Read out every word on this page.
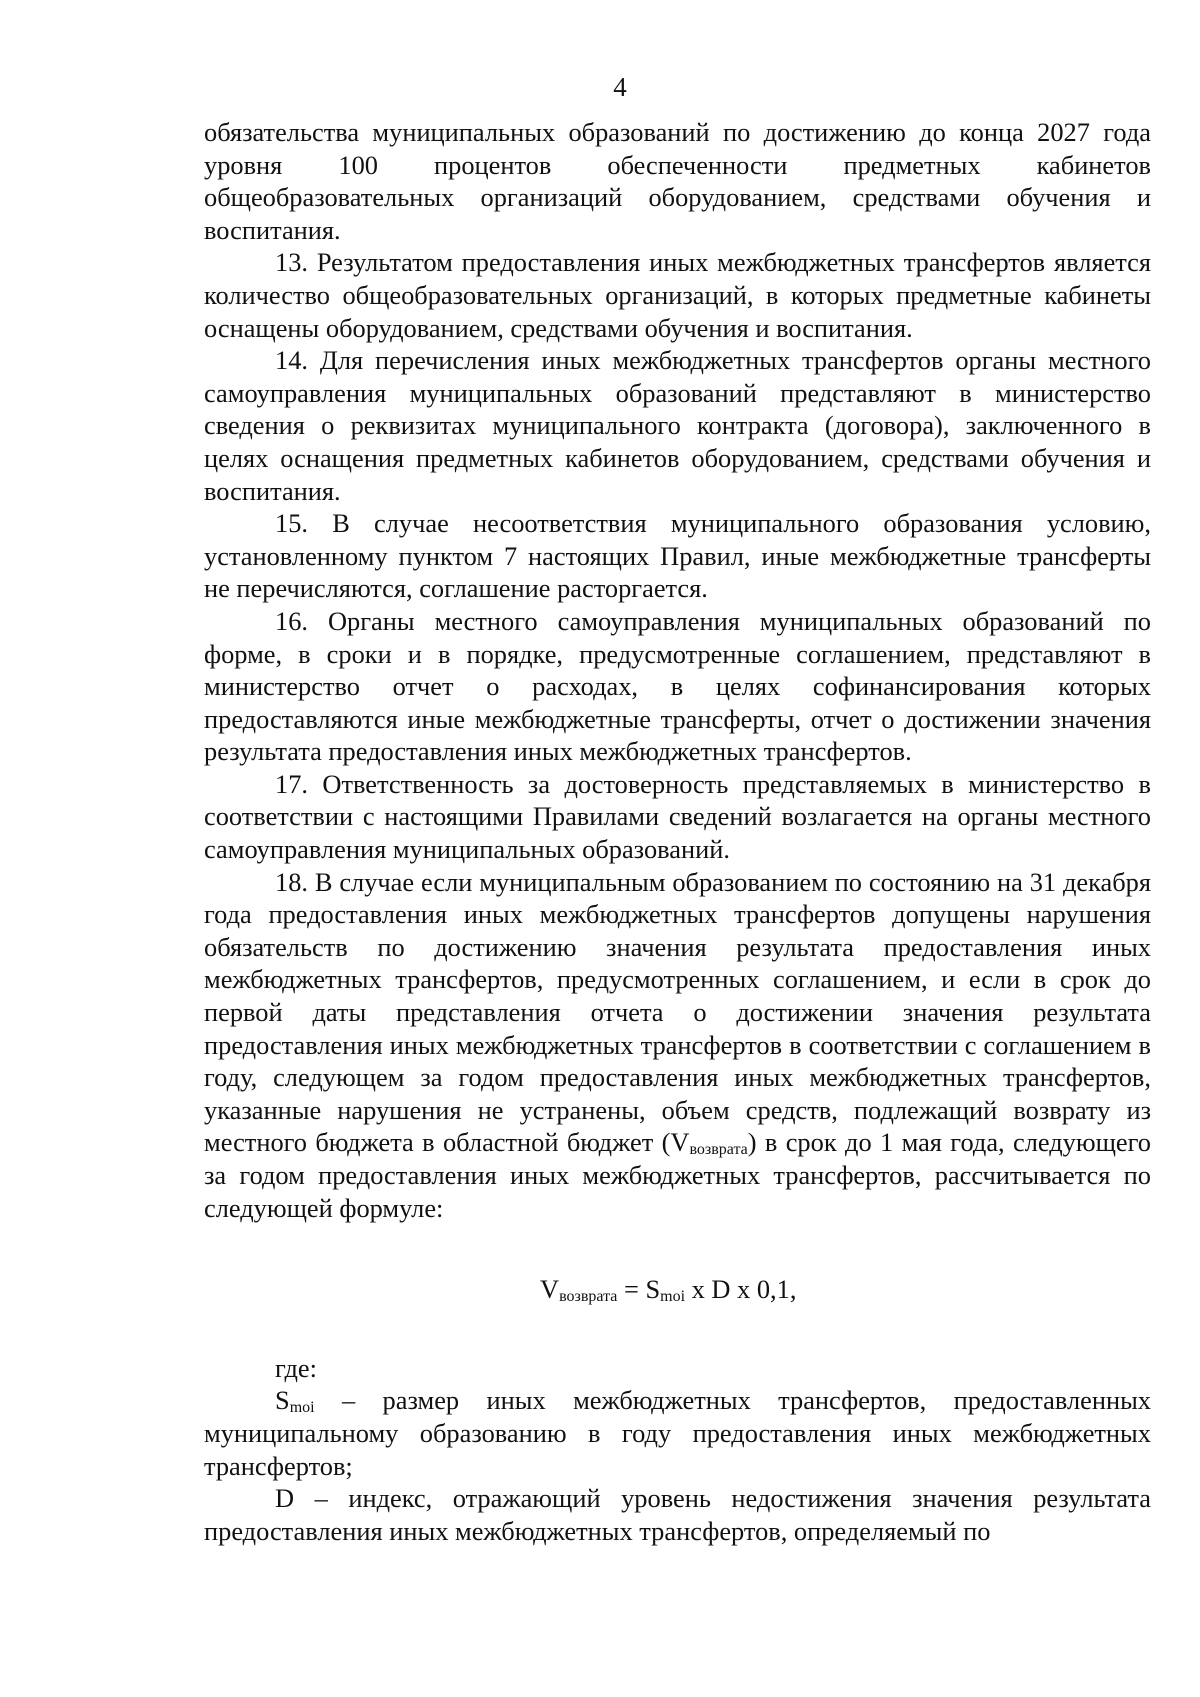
4

обязательства муниципальных образований по достижению до конца 2027 года уровня 100 процентов обеспеченности предметных кабинетов общеобразовательных организаций оборудованием, средствами обучения и воспитания.

13. Результатом предоставления иных межбюджетных трансфертов является количество общеобразовательных организаций, в которых предметные кабинеты оснащены оборудованием, средствами обучения и воспитания.

14. Для перечисления иных межбюджетных трансфертов органы местного самоуправления муниципальных образований представляют в министерство сведения о реквизитах муниципального контракта (договора), заключенного в целях оснащения предметных кабинетов оборудованием, средствами обучения и воспитания.

15. В случае несоответствия муниципального образования условию, установленному пунктом 7 настоящих Правил, иные межбюджетные трансферты не перечисляются, соглашение расторгается.

16. Органы местного самоуправления муниципальных образований по форме, в сроки и в порядке, предусмотренные соглашением, представляют в министерство отчет о расходах, в целях софинансирования которых предоставляются иные межбюджетные трансферты, отчет о достижении значения результата предоставления иных межбюджетных трансфертов.

17. Ответственность за достоверность представляемых в министерство в соответствии с настоящими Правилами сведений возлагается на органы местного самоуправления муниципальных образований.

18. В случае если муниципальным образованием по состоянию на 31 декабря года предоставления иных межбюджетных трансфертов допущены нарушения обязательств по достижению значения результата предоставления иных межбюджетных трансфертов, предусмотренных соглашением, и если в срок до первой даты представления отчета о достижении значения результата предоставления иных межбюджетных трансфертов в соответствии с соглашением в году, следующем за годом предоставления иных межбюджетных трансфертов, указанные нарушения не устранены, объем средств, подлежащий возврату из местного бюджета в областной бюджет (Vвозврата) в срок до 1 мая года, следующего за годом предоставления иных межбюджетных трансфертов, рассчитывается по следующей формуле:

Vвозврата = Smoi x D x 0,1,

где:

Smoi – размер иных межбюджетных трансфертов, предоставленных муниципальному образованию в году предоставления иных межбюджетных трансфертов;

D – индекс, отражающий уровень недостижения значения результата предоставления иных межбюджетных трансфертов, определяемый по
